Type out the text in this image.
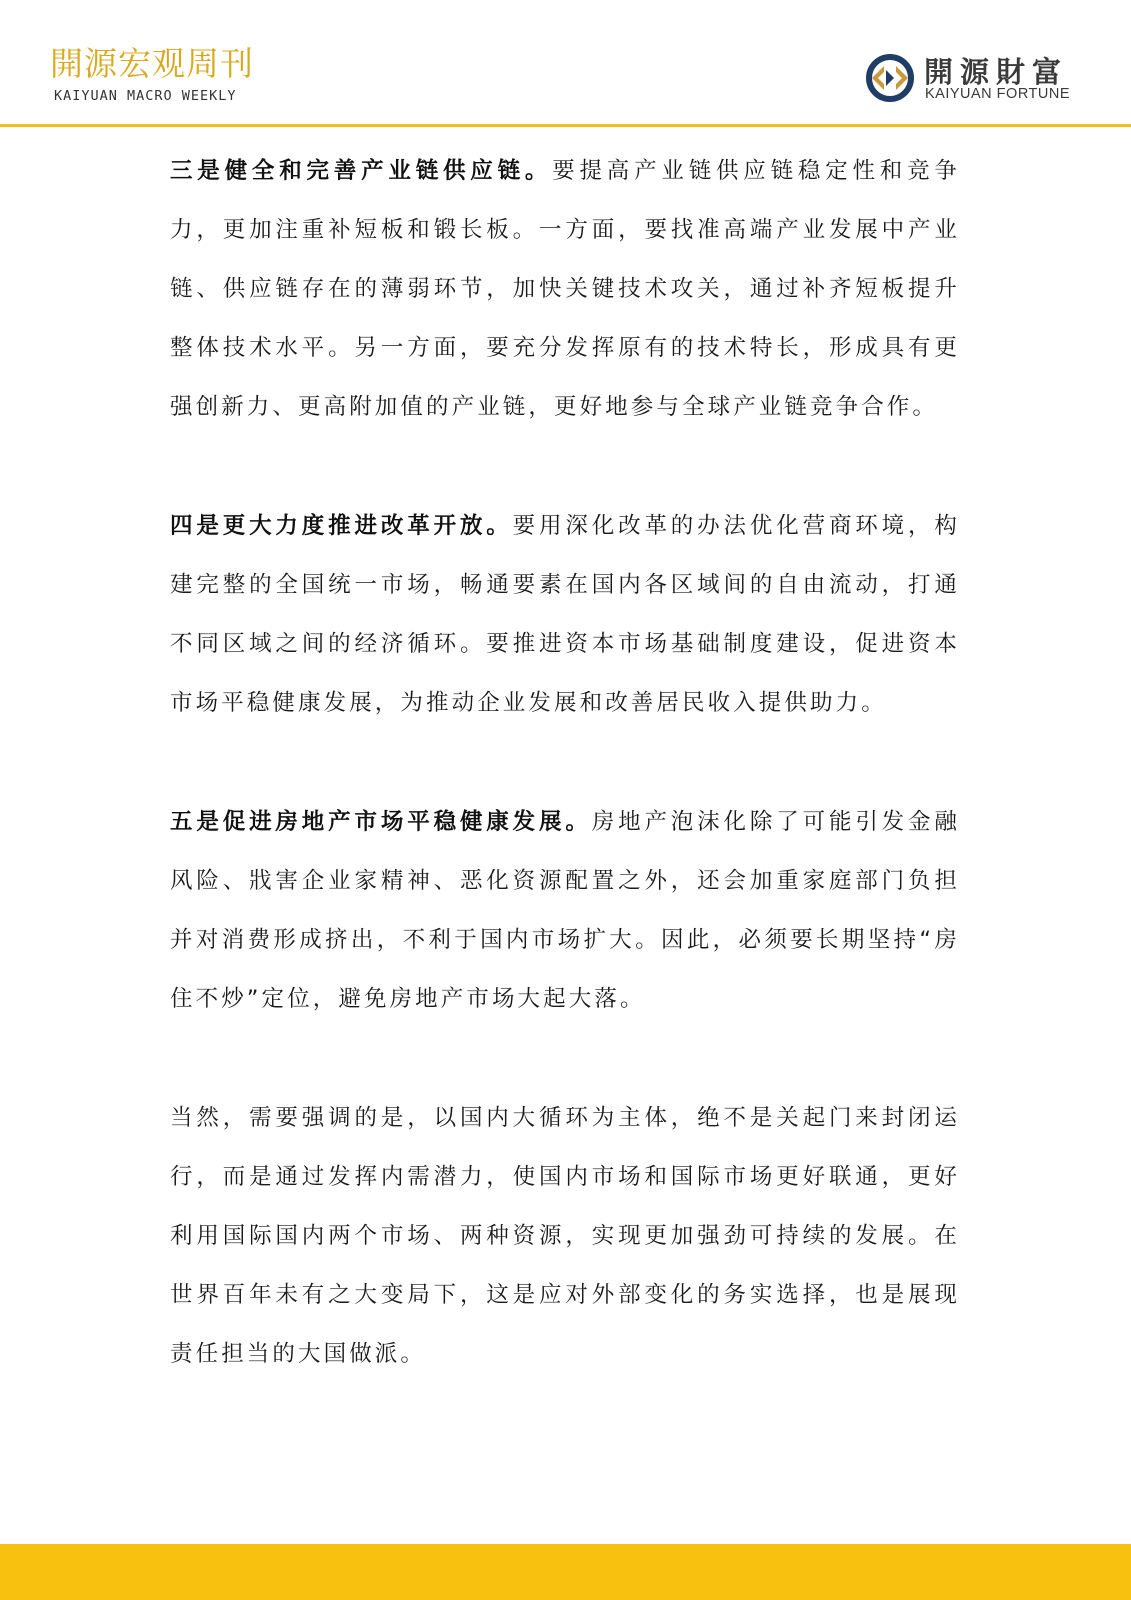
開源宏观周刊
KAIYUAN MACRO WEEKLY
開源財富
KAIYUAN FORTUNE

三是健全和完善产业链供应链。要提高产业链供应链稳定性和竞争力，更加注重补短板和锻长板。一方面，要找准高端产业发展中产业链、供应链存在的薄弱环节，加快关键技术攻关，通过补齐短板提升整体技术水平。另一方面，要充分发挥原有的技术特长，形成具有更强创新力、更高附加值的产业链，更好地参与全球产业链竞争合作。

四是更大力度推进改革开放。要用深化改革的办法优化营商环境，构建完整的全国统一市场，畅通要素在国内各区域间的自由流动，打通不同区域之间的经济循环。要推进资本市场基础制度建设，促进资本市场平稳健康发展，为推动企业发展和改善居民收入提供助力。

五是促进房地产市场平稳健康发展。房地产泡沫化除了可能引发金融风险、戕害企业家精神、恶化资源配置之外，还会加重家庭部门负担并对消费形成挤出，不利于国内市场扩大。因此，必须要长期坚持“房住不炒”定位，避免房地产市场大起大落。

当然，需要强调的是，以国内大循环为主体，绝不是关起门来封闭运行，而是通过发挥内需潜力，使国内市场和国际市场更好联通，更好利用国际国内两个市场、两种资源，实现更加强劲可持续的发展。在世界百年未有之大变局下，这是应对外部变化的务实选择，也是展现责任担当的大国做派。
